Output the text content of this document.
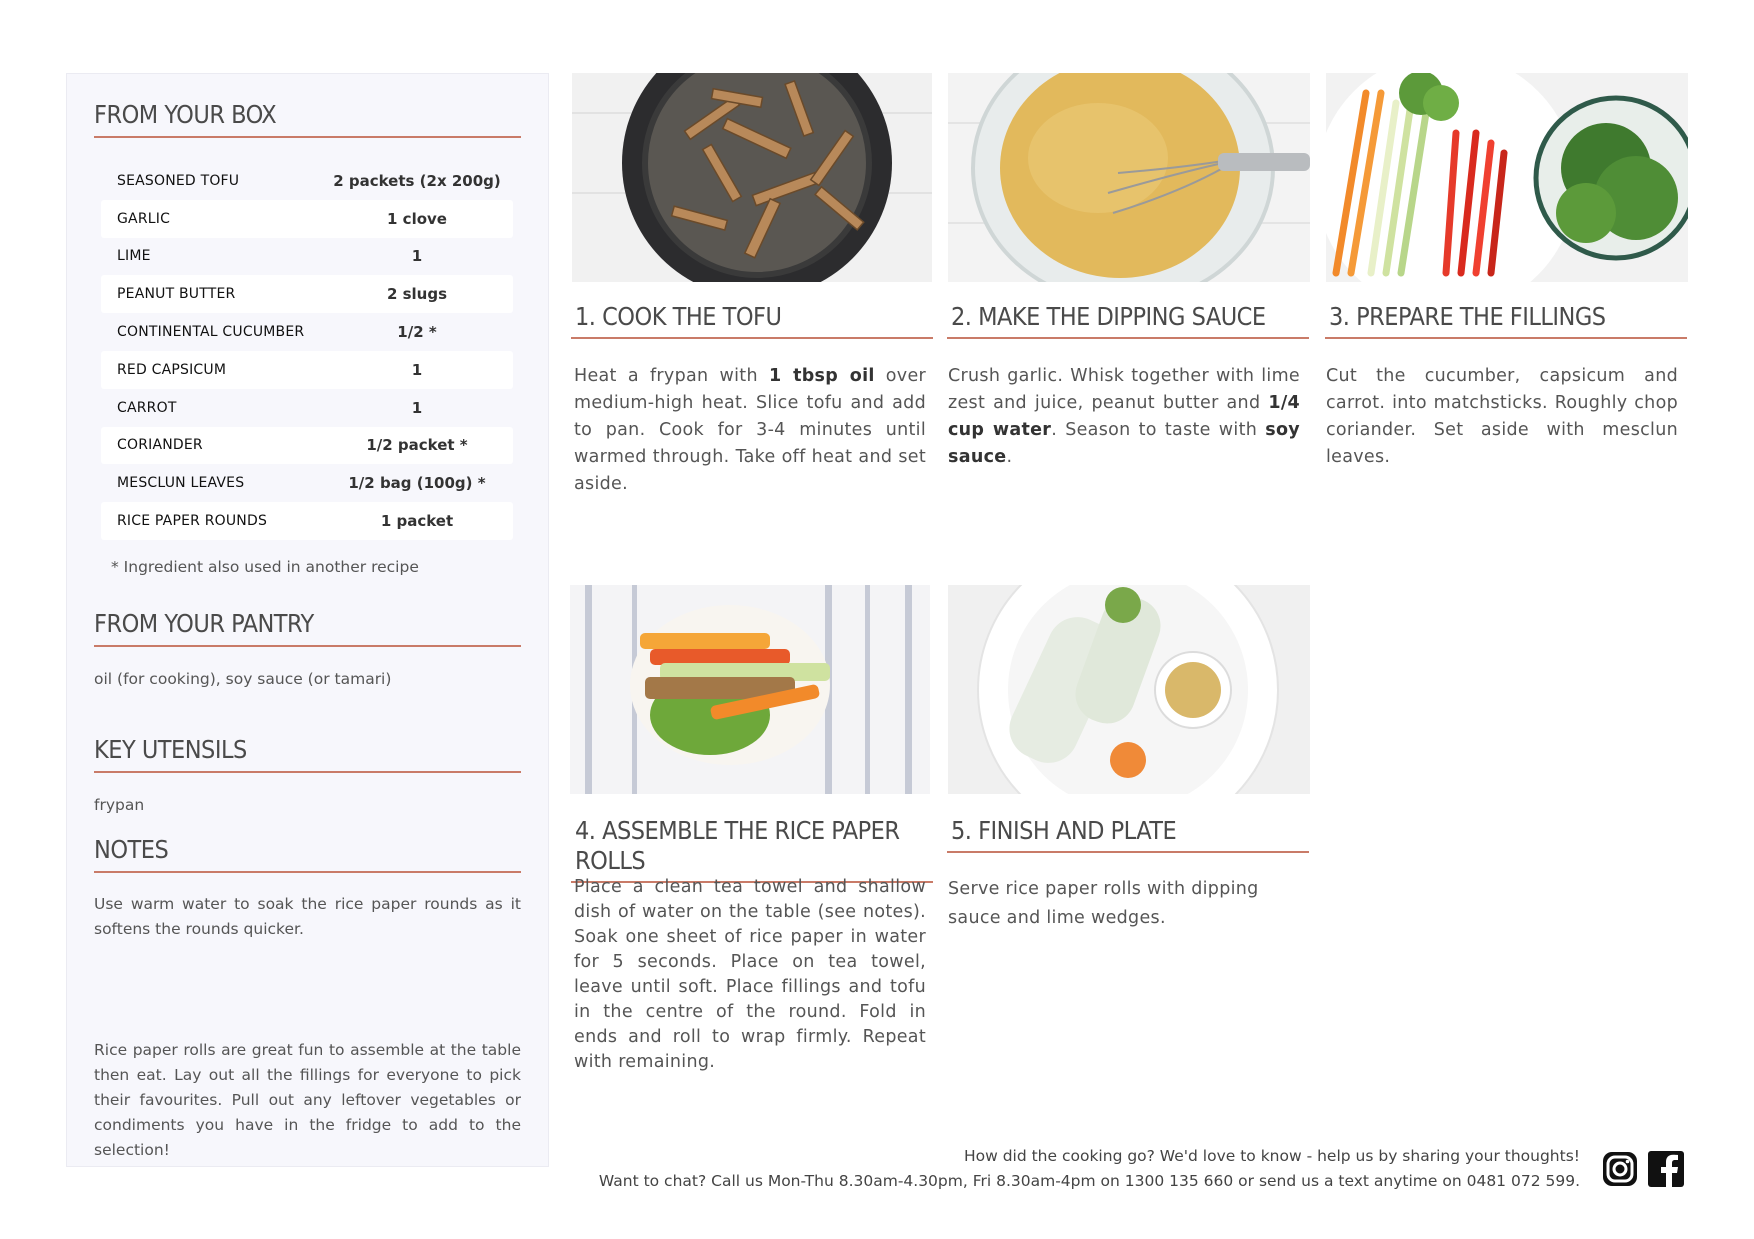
FROM YOUR BOX
SEASONED TOFU	2 packets (2x 200g)
GARLIC	1 clove
LIME	1
PEANUT BUTTER	2 slugs
CONTINENTAL CUCUMBER	1/2 *
RED CAPSICUM	1
CARROT	1
CORIANDER	1/2 packet *
MESCLUN LEAVES	1/2 bag (100g) *
RICE PAPER ROUNDS	1 packet
* Ingredient also used in another recipe
FROM YOUR PANTRY
oil (for cooking), soy sauce (or tamari)
KEY UTENSILS
frypan
NOTES
Use warm water to soak the rice paper rounds as it softens the rounds quicker.
Rice paper rolls are great fun to assemble at the table then eat. Lay out all the fillings for everyone to pick their favourites. Pull out any leftover vegetables or condiments you have in the fridge to add to the selection!
1. COOK THE TOFU	2. MAKE THE DIPPING SAUCE	3. PREPARE THE FILLINGS
Heat a frypan with 1 tbsp oil over medium-high heat. Slice tofu and add to pan. Cook for 3-4 minutes until warmed through. Take off heat and set aside.
Crush garlic. Whisk together with lime zest and juice, peanut butter and 1/4 cup water. Season to taste with soy sauce.
Cut the cucumber, capsicum and carrot. into matchsticks. Roughly chop coriander. Set aside with mesclun leaves.
4. ASSEMBLE THE RICE PAPER ROLLS
5. FINISH AND PLATE
Place a clean tea towel and shallow dish of water on the table (see notes). Soak one sheet of rice paper in water for 5 seconds. Place on tea towel, leave until soft. Place fillings and tofu in the centre of the round. Fold in ends and roll to wrap firmly. Repeat with remaining.
Serve rice paper rolls with dipping sauce and lime wedges.
How did the cooking go? We'd love to know - help us by sharing your thoughts!
Want to chat? Call us Mon-Thu 8.30am-4.30pm, Fri 8.30am-4pm on 1300 135 660 or send us a text anytime on 0481 072 599.
